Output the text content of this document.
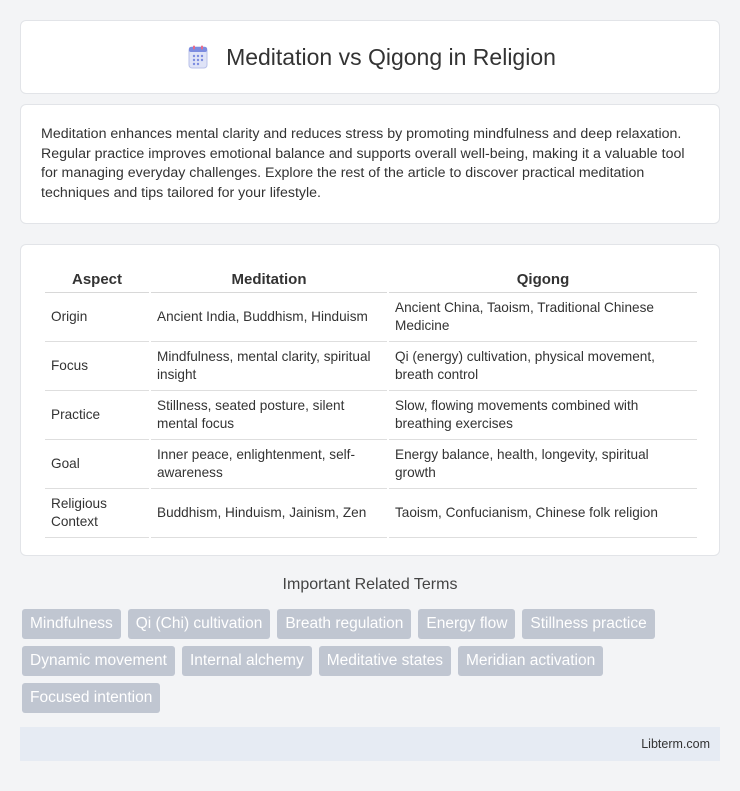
Meditation vs Qigong in Religion

Meditation enhances mental clarity and reduces stress by promoting mindfulness and deep relaxation. Regular practice improves emotional balance and supports overall well-being, making it a valuable tool for managing everyday challenges. Explore the rest of the article to discover practical meditation techniques and tips tailored for your lifestyle.

Aspect	Meditation	Qigong
Origin	Ancient India, Buddhism, Hinduism	Ancient China, Taoism, Traditional Chinese Medicine
Focus	Mindfulness, mental clarity, spiritual insight	Qi (energy) cultivation, physical movement, breath control
Practice	Stillness, seated posture, silent mental focus	Slow, flowing movements combined with breathing exercises
Goal	Inner peace, enlightenment, self-awareness	Energy balance, health, longevity, spiritual growth
Religious Context	Buddhism, Hinduism, Jainism, Zen	Taoism, Confucianism, Chinese folk religion
Important Related Terms
Mindfulness	Qi (Chi) cultivation	Breath regulation	Energy flow	Stillness practice
Dynamic movement	Internal alchemy	Meditative states	Meridian activation
Focused intention
Libterm.com
